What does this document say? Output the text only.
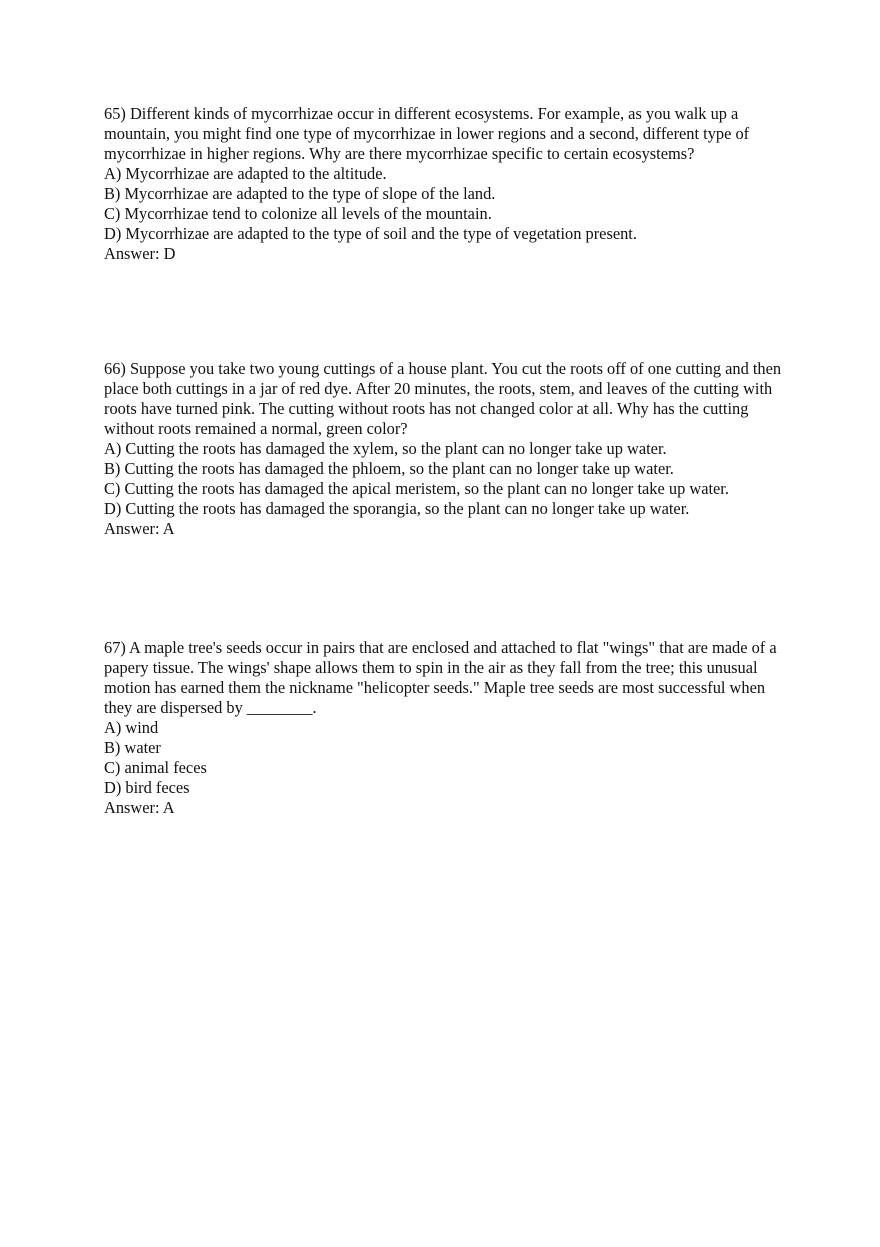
65) Different kinds of mycorrhizae occur in different ecosystems. For example, as you walk up a mountain, you might find one type of mycorrhizae in lower regions and a second, different type of mycorrhizae in higher regions. Why are there mycorrhizae specific to certain ecosystems?

A) Mycorrhizae are adapted to the altitude.

B) Mycorrhizae are adapted to the type of slope of the land.

C) Mycorrhizae tend to colonize all levels of the mountain.

D) Mycorrhizae are adapted to the type of soil and the type of vegetation present.

Answer: D

66) Suppose you take two young cuttings of a house plant. You cut the roots off of one cutting and then place both cuttings in a jar of red dye. After 20 minutes, the roots, stem, and leaves of the cutting with roots have turned pink. The cutting without roots has not changed color at all. Why has the cutting without roots remained a normal, green color?

A) Cutting the roots has damaged the xylem, so the plant can no longer take up water.

B) Cutting the roots has damaged the phloem, so the plant can no longer take up water.

C) Cutting the roots has damaged the apical meristem, so the plant can no longer take up water.

D) Cutting the roots has damaged the sporangia, so the plant can no longer take up water.

Answer: A

67) A maple tree's seeds occur in pairs that are enclosed and attached to flat "wings" that are made of a papery tissue. The wings' shape allows them to spin in the air as they fall from the tree; this unusual motion has earned them the nickname "helicopter seeds." Maple tree seeds are most successful when they are dispersed by ________.

A) wind

B) water

C) animal feces

D) bird feces

Answer: A
